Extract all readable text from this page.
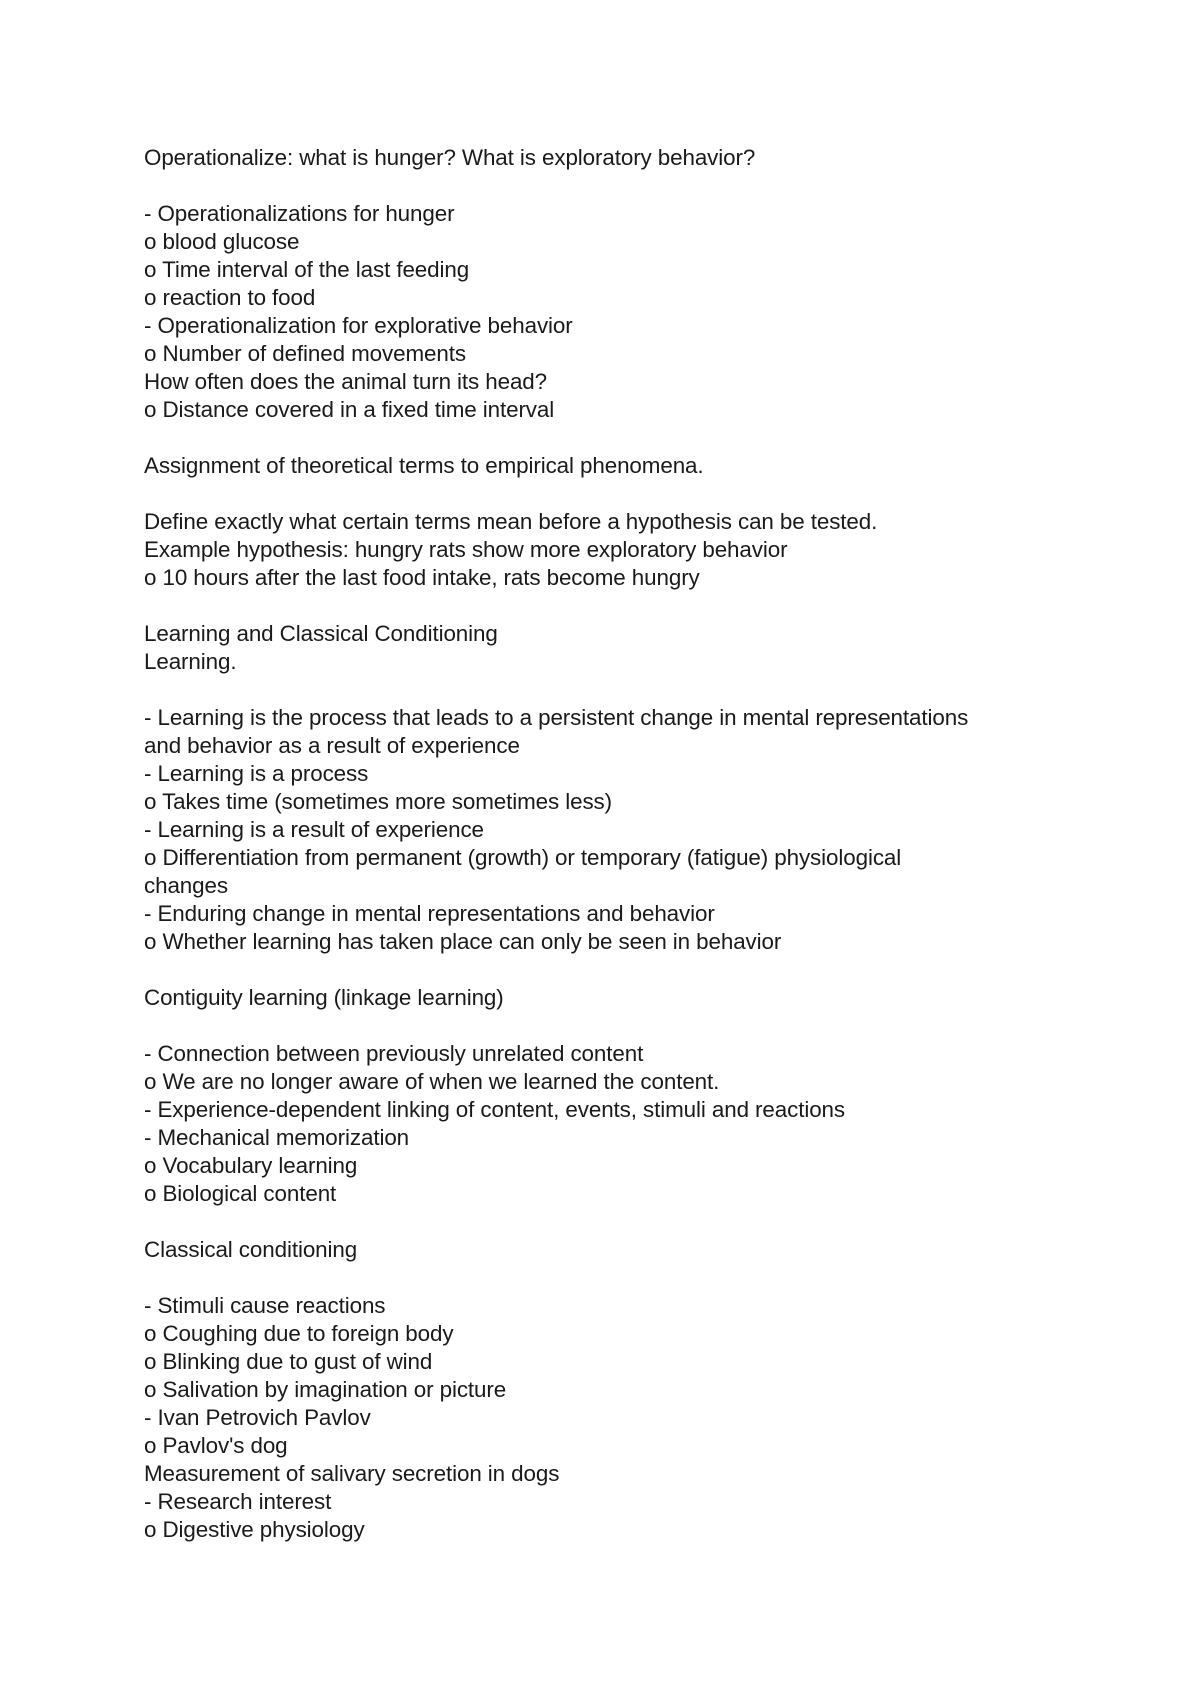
Operationalize: what is hunger? What is exploratory behavior?
- Operationalizations for hunger
o blood glucose
o Time interval of the last feeding
o reaction to food
- Operationalization for explorative behavior
o Number of defined movements
How often does the animal turn its head?
o Distance covered in a fixed time interval
Assignment of theoretical terms to empirical phenomena.
Define exactly what certain terms mean before a hypothesis can be tested.
Example hypothesis: hungry rats show more exploratory behavior
o 10 hours after the last food intake, rats become hungry
Learning and Classical Conditioning
Learning.
- Learning is the process that leads to a persistent change in mental representations
and behavior as a result of experience
- Learning is a process
o Takes time (sometimes more sometimes less)
- Learning is a result of experience
o Differentiation from permanent (growth) or temporary (fatigue) physiological
changes
- Enduring change in mental representations and behavior
o Whether learning has taken place can only be seen in behavior
Contiguity learning (linkage learning)
- Connection between previously unrelated content
o We are no longer aware of when we learned the content.
- Experience-dependent linking of content, events, stimuli and reactions
- Mechanical memorization
o Vocabulary learning
o Biological content
Classical conditioning
- Stimuli cause reactions
o Coughing due to foreign body
o Blinking due to gust of wind
o Salivation by imagination or picture
- Ivan Petrovich Pavlov
o Pavlov's dog
Measurement of salivary secretion in dogs
- Research interest
o Digestive physiology
